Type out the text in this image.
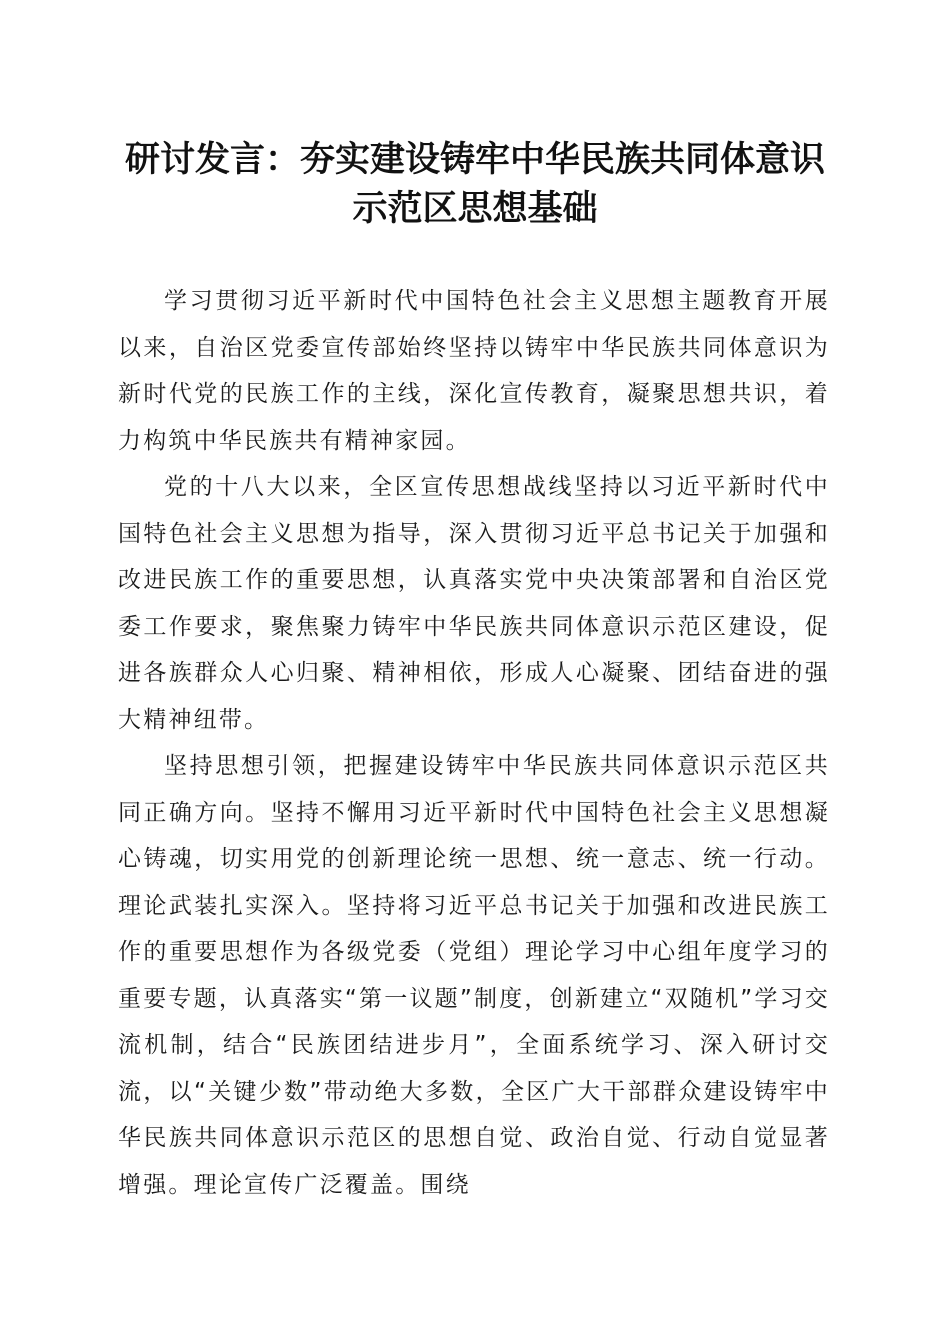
研讨发言：夯实建设铸牢中华民族共同体意识
示范区思想基础

学习贯彻习近平新时代中国特色社会主义思想主题教育开展以来，自治区党委宣传部始终坚持以铸牢中华民族共同体意识为新时代党的民族工作的主线，深化宣传教育，凝聚思想共识，着力构筑中华民族共有精神家园。

党的十八大以来，全区宣传思想战线坚持以习近平新时代中国特色社会主义思想为指导，深入贯彻习近平总书记关于加强和改进民族工作的重要思想，认真落实党中央决策部署和自治区党委工作要求，聚焦聚力铸牢中华民族共同体意识示范区建设，促进各族群众人心归聚、精神相依，形成人心凝聚、团结奋进的强大精神纽带。

坚持思想引领，把握建设铸牢中华民族共同体意识示范区共同正确方向。坚持不懈用习近平新时代中国特色社会主义思想凝心铸魂，切实用党的创新理论统一思想、统一意志、统一行动。理论武装扎实深入。坚持将习近平总书记关于加强和改进民族工作的重要思想作为各级党委（党组）理论学习中心组年度学习的重要专题，认真落实“第一议题”制度，创新建立“双随机”学习交流机制，结合“民族团结进步月”，全面系统学习、深入研讨交流，以“关键少数”带动绝大多数，全区广大干部群众建设铸牢中华民族共同体意识示范区的思想自觉、政治自觉、行动自觉显著增强。理论宣传广泛覆盖。围绕
